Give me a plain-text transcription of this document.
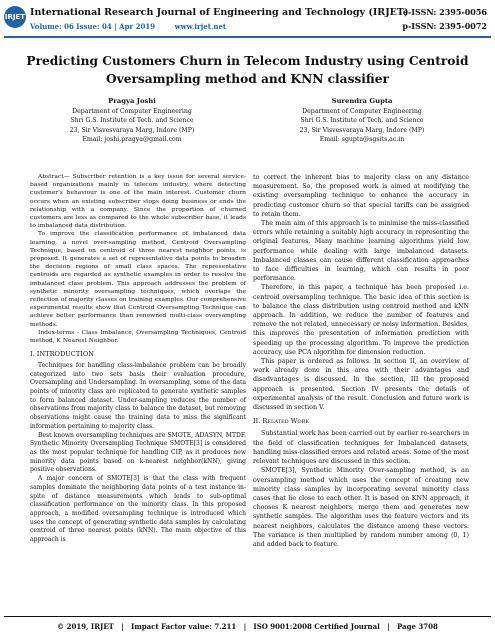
IRJET International Research Journal of Engineering and Technology (IRJET)
Volume: 06 Issue: 04 | Apr 2019        www.irjet.net
e-ISSN: 2395-0056
p-ISSN: 2395-0072
Predicting Customers Churn in Telecom Industry using Centroid Oversampling method and KNN classifier
Pragya Joshi
Department of Computer Engineering
Shri G.S. Institute of Tech. and Science
23, Sir Visvesvaraya Marg, Indore (MP)
Email: joshi.pragya@gmail.com
Surendra Gupta
Department of Computer Engineering
Shri G.S. Institute of Tech. and Science
23, Sir Visvesvaraya Marg, Indore (MP)
Email: sgupta@sgsits.ac.in

Abstract— Subscriber retention is a key issue for several service-based organizations mainly in telecom industry, where detecting customer's behaviour is one of the main interest. Customer churn occurs when an existing subscriber stops doing business or ends the relationship with a company. Since the proportion of churned customers are less as compared to the whole subscriber base, it leads to imbalanced data distribution.

To improve the classification performance of imbalanced data learning, a novel over-sampling method, Centroid Oversampling Technique, based on centroid of three nearest neighbor points, is proposed. It generates a set of representative data points to broaden the decision regions of small class spaces. The representative centroids are regarded as synthetic examples in order to resolve the imbalanced class problem. This approach addresses the problem of synthetic minority oversampling techniques, which overlaps the reflection of majority classes on training examples. Our comprehensive experimental results show that Centroid Oversampling Technique can achieve better performance than renowned multi-class oversampling methods.

Index-terms - Class Imbalance, Oversampling Techniques, Centroid method, K Nearest Neighbor.

I. INTRODUCTION

Techniques for handling class-imbalance problem can be broadly categorized into two sets basis their evaluation procedure, Oversampling and Undersampling. In oversampling, some of the data points of minority class are replicated to generate synthetic samples to form balanced dataset. Under-sampling reduces the number of observations from majority class to balance the dataset, but removing observations might cause the training data to miss the significant information pertaining to majority class.

Best known oversampling techniques are SMOTE, ADASYN, MTDF. Synthetic Minority Oversampling Technique SMOTE[3] is considered as the most popular technique for handling CIP, as it produces new minority data points based on k-nearest neighbor(kNN), giving positive observations.

A major concern of SMOTE[3] is that the class with frequent samples dominate the neighboring data points of a test instance in-spite of distance measurements which leads to sub-optimal classification performance on the minority class. In this proposed approach, a modified oversampling technique is introduced which uses the concept of generating synthetic data samples by calculating centroid of three nearest points (kNN). The main objective of this approach is

to correct the inherent bias to majority class on any distance measurement. So, the proposed work is aimed at modifying the existing oversampling technique to enhance the accuracy in predicting customer churn so that special tariffs can be assigned to retain them.

The main aim of this approach is to minimise the miss-classified errors while retaining a suitably high accuracy in representing the original features. Many machine learning algorithms yield low performance while dealing with large imbalanced datasets. Imbalanced classes can cause different classification approaches to face difficulties in learning, which can results in poor performance.

Therefore, in this paper, a technique has been proposed i.e. centroid oversampling technique. The basic idea of this section is to balance the class distribution using centroid method and kNN approach. In addition, we reduce the number of features and remove the not related, unnecessary or noisy information. Besides, this improves the presentation of information prediction with speeding up the processing algorithm. To improve the prediction accuracy, use PCA algorithm for dimension reduction.

This paper is ordered as follows. In section II, an overview of work already done in this area with their advantages and disadvantages is discussed. In the section, III the proposed approach is presented. Section IV presents the details of experimental analysis of the result. Conclusion and future work is discussed in section V.

II. Related Work

Substantial work has been carried out by earlier re-searchers in the field of classification techniques for Imbalanced datasets, handling miss-classified errors and related areas. Some of the most relevant techniques are discussed in this section.

SMOTE[3], Synthetic Minority Over-sampling method, is an oversampling method which uses the concept of creating new minority class samples by incorporating several minority class cases that lie close to each other. It is based on KNN approach, it chooses K nearest neighbors, merge them and generates new synthetic samples. The algorithm uses the feature vectors and its nearest neighbors, calculates the distance among these vectors. The variance is then multiplied by random number among (0, 1) and added back to feature.

© 2019, IRJET   |   Impact Factor value: 7.211   |   ISO 9001:2008 Certified Journal   |   Page 3708
